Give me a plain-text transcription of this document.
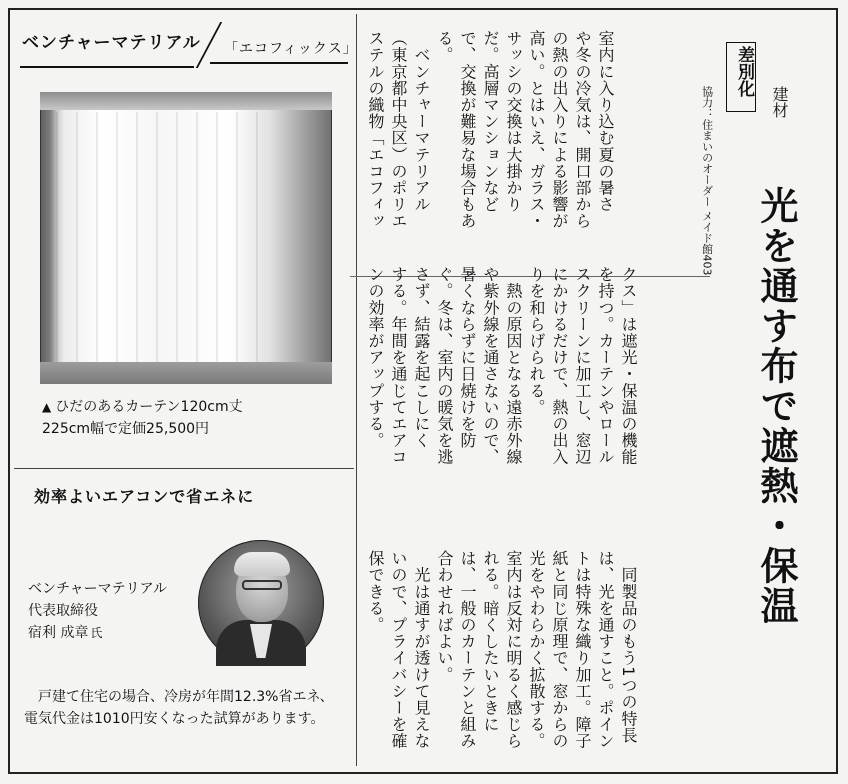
ベンチャーマテリアル 「エコフィックス」
▲ ひだのあるカーテン120cm丈
225cm幅で定価25,500円
効率よいエアコンで省エネに
ベンチャーマテリアル
代表取締役
宿利 成章 氏
戸建て住宅の場合、冷房が年間12.3%省エネ、電気代金は1010円安くなった試算があります。
差別化
建材
協力：住まいのオーダー メイド館403
光を通す布で遮熱・保温
室内に入り込む夏の暑さ
や冬の冷気は、開口部から
の熱の出入りによる影響が
高い。とはいえ、ガラス・
サッシの交換は大掛かり
だ。高層マンションなど
で、交換が難易な場合もあ
る。
　ベンチャーマテリアル
（東京都中央区）のポリエ
ステルの織物「エコフィッ
クス」は遮光・保温の機能
を持つ。カーテンやロール
スクリーンに加工し、窓辺
にかけるだけで、熱の出入
りを和らげられる。
　熱の原因となる遠赤外線
や紫外線を通さないので、
暑くならずに日焼けを防
ぐ。冬は、室内の暖気を逃
さず、結露を起こしにく
する。年間を通じてエアコ
ンの効率がアップする。
　同製品のもう1つの特長
は、光を通すこと。ポイン
トは特殊な織り加工。障子
紙と同じ原理で、窓からの
光をやわらかく拡散する。
室内は反対に明るく感じら
れる。暗くしたいときに
は、一般のカーテンと組み
合わせればよい。
　光は通すが透けて見えな
いので、プライバシーを確
保できる。
